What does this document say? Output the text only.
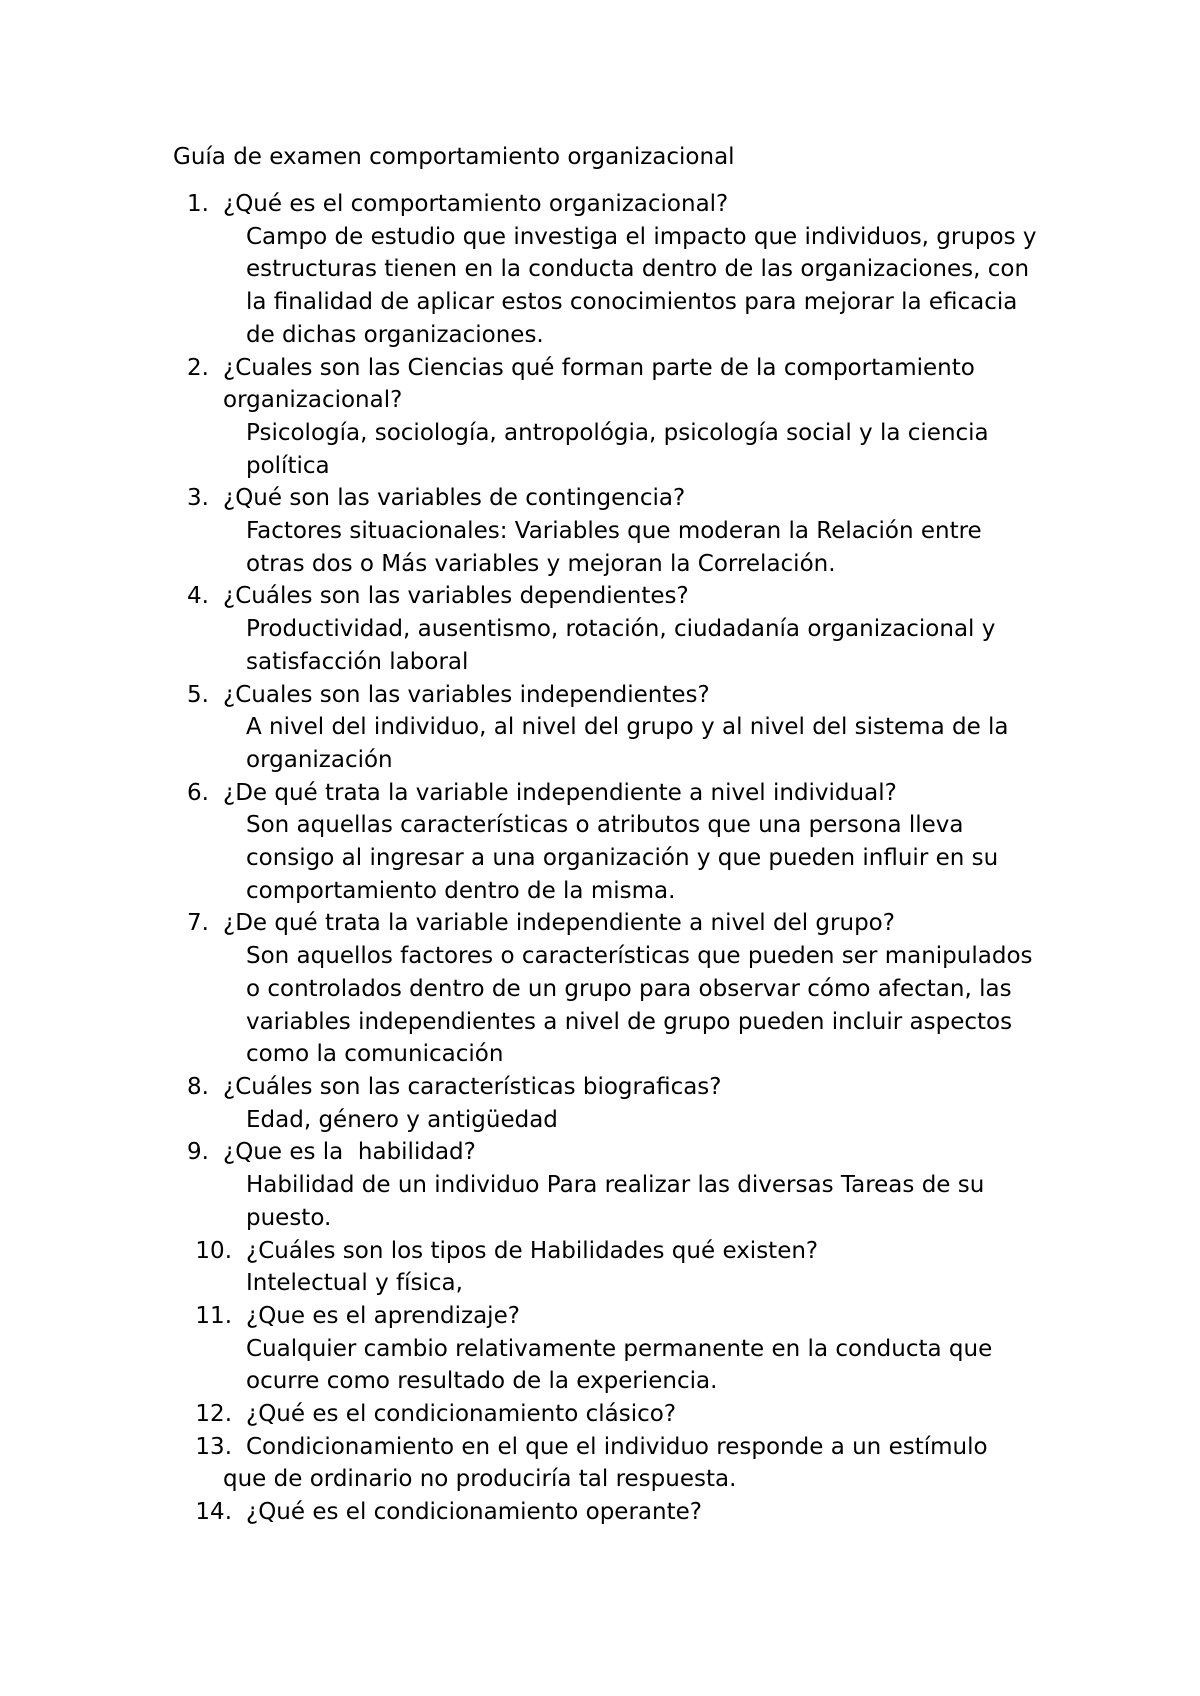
Guía de examen comportamiento organizacional
1. ¿Qué es el comportamiento organizacional?
Campo de estudio que investiga el impacto que individuos, grupos y estructuras tienen en la conducta dentro de las organizaciones, con la finalidad de aplicar estos conocimientos para mejorar la eficacia de dichas organizaciones.
2. ¿Cuales son las Ciencias qué forman parte de la comportamiento organizacional?
Psicología, sociología, antropológia, psicología social y la ciencia política
3. ¿Qué son las variables de contingencia?
Factores situacionales: Variables que moderan la Relación entre otras dos o Más variables y mejoran la Correlación.
4. ¿Cuáles son las variables dependientes?
Productividad, ausentismo, rotación, ciudadanía organizacional y satisfacción laboral
5. ¿Cuales son las variables independientes?
A nivel del individuo, al nivel del grupo y al nivel del sistema de la organización
6. ¿De qué trata la variable independiente a nivel individual?
Son aquellas características o atributos que una persona lleva consigo al ingresar a una organización y que pueden influir en su comportamiento dentro de la misma.
7. ¿De qué trata la variable independiente a nivel del grupo?
Son aquellos factores o características que pueden ser manipulados o controlados dentro de un grupo para observar cómo afectan, las variables independientes a nivel de grupo pueden incluir aspectos como la comunicación
8. ¿Cuáles son las características biograficas?
Edad, género y antigüedad
9. ¿Que es la  habilidad?
Habilidad de un individuo Para realizar las diversas Tareas de su puesto.
10. ¿Cuáles son los tipos de Habilidades qué existen?
Intelectual y física,
11. ¿Que es el aprendizaje?
Cualquier cambio relativamente permanente en la conducta que ocurre como resultado de la experiencia.
12. ¿Qué es el condicionamiento clásico?
13. Condicionamiento en el que el individuo responde a un estímulo que de ordinario no produciría tal respuesta.
14. ¿Qué es el condicionamiento operante?
